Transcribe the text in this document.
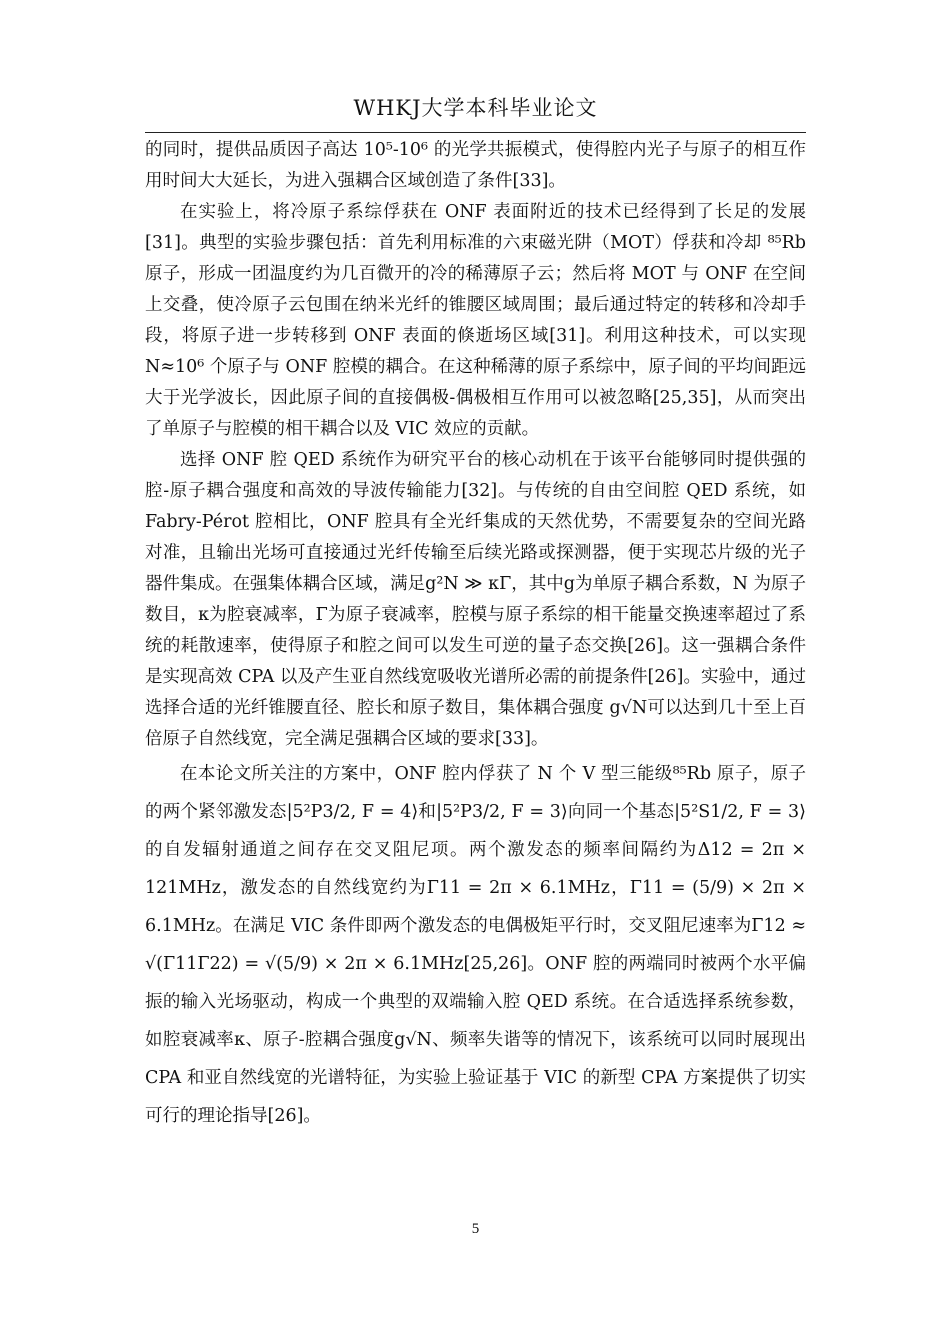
WHKJ大学本科毕业论文

的同时，提供品质因子高达 10⁵-10⁶ 的光学共振模式，使得腔内光子与原子的相互作用时间大大延长，为进入强耦合区域创造了条件[33]。

在实验上，将冷原子系综俘获在 ONF 表面附近的技术已经得到了长足的发展[31]。典型的实验步骤包括：首先利用标准的六束磁光阱（MOT）俘获和冷却 ⁸⁵Rb 原子，形成一团温度约为几百微开的冷的稀薄原子云；然后将 MOT 与 ONF 在空间上交叠，使冷原子云包围在纳米光纤的锥腰区域周围；最后通过特定的转移和冷却手段，将原子进一步转移到 ONF 表面的倏逝场区域[31]。利用这种技术，可以实现 N≈10⁶ 个原子与 ONF 腔模的耦合。在这种稀薄的原子系综中，原子间的平均间距远大于光学波长，因此原子间的直接偶极-偶极相互作用可以被忽略[25,35]，从而突出了单原子与腔模的相干耦合以及 VIC 效应的贡献。

选择 ONF 腔 QED 系统作为研究平台的核心动机在于该平台能够同时提供强的腔-原子耦合强度和高效的导波传输能力[32]。与传统的自由空间腔 QED 系统，如 Fabry-Pérot 腔相比，ONF 腔具有全光纤集成的天然优势，不需要复杂的空间光路对准，且输出光场可直接通过光纤传输至后续光路或探测器，便于实现芯片级的光子器件集成。在强集体耦合区域，满足g²N ≫ κΓ，其中g为单原子耦合系数，N 为原子数目，κ为腔衰减率，Γ为原子衰减率，腔模与原子系综的相干能量交换速率超过了系统的耗散速率，使得原子和腔之间可以发生可逆的量子态交换[26]。这一强耦合条件是实现高效 CPA 以及产生亚自然线宽吸收光谱所必需的前提条件[26]。实验中，通过选择合适的光纤锥腰直径、腔长和原子数目，集体耦合强度 g√N可以达到几十至上百倍原子自然线宽，完全满足强耦合区域的要求[33]。

在本论文所关注的方案中，ONF 腔内俘获了 N 个 V 型三能级⁸⁵Rb 原子，原子的两个紧邻激发态|5²P3/2, F = 4⟩和|5²P3/2, F = 3⟩向同一个基态|5²S1/2, F = 3⟩的自发辐射通道之间存在交叉阻尼项。两个激发态的频率间隔约为Δ12 = 2π × 121MHz，激发态的自然线宽约为Γ11 = 2π × 6.1MHz，Γ11 = (5/9) × 2π × 6.1MHz。在满足 VIC 条件即两个激发态的电偶极矩平行时，交叉阻尼速率为Γ12 ≈ √(Γ11Γ22) = √(5/9) × 2π × 6.1MHz[25,26]。ONF 腔的两端同时被两个水平偏振的输入光场驱动，构成一个典型的双端输入腔 QED 系统。在合适选择系统参数，如腔衰减率κ、原子-腔耦合强度g√N、频率失谐等的情况下，该系统可以同时展现出 CPA 和亚自然线宽的光谱特征，为实验上验证基于 VIC 的新型 CPA 方案提供了切实可行的理论指导[26]。

5
